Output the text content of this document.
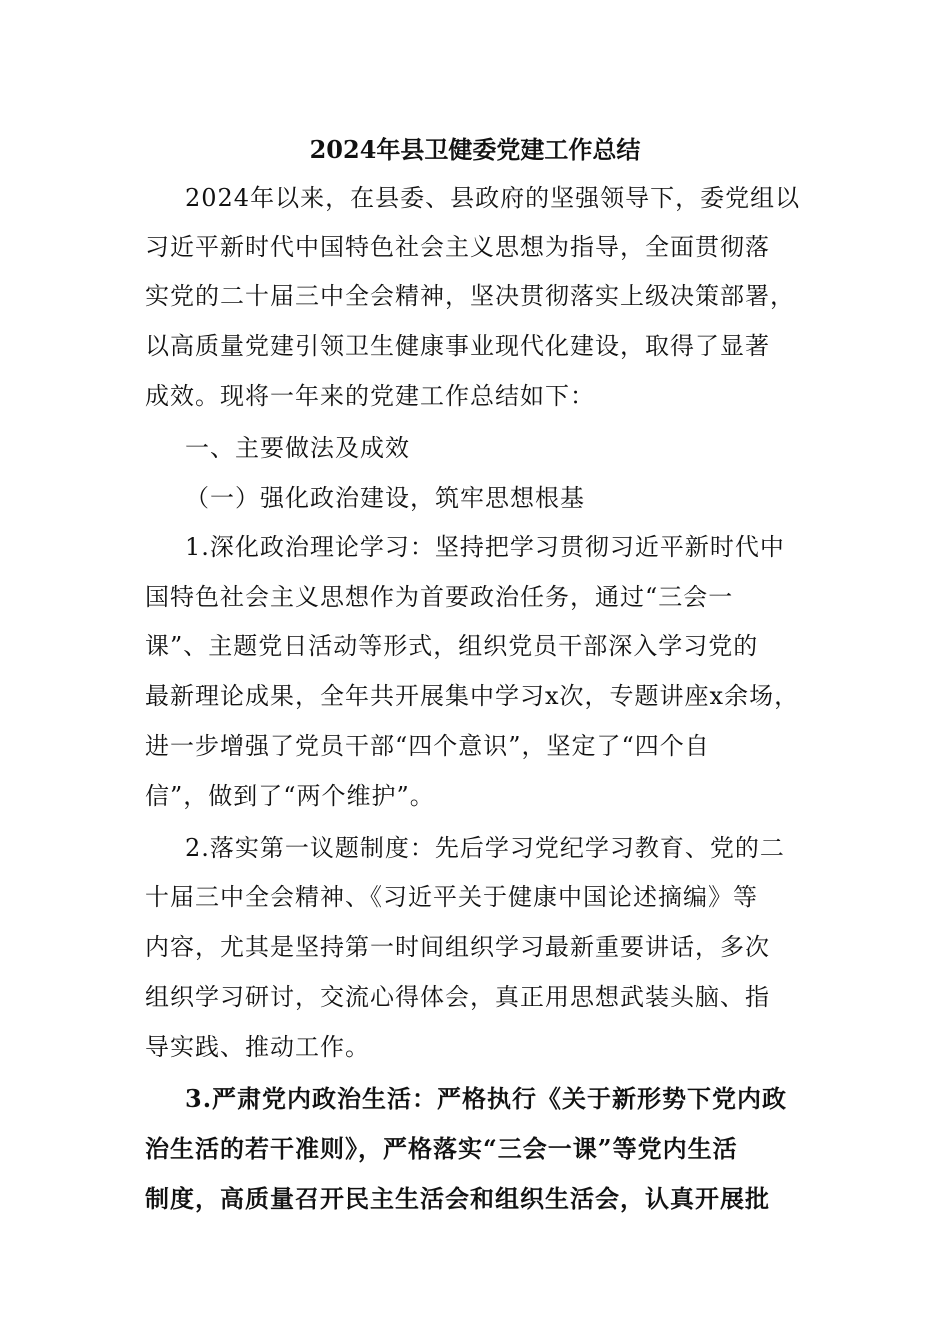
2024年县卫健委党建工作总结
2024年以来，在县委、县政府的坚强领导下，委党组以
习近平新时代中国特色社会主义思想为指导，全面贯彻落
实党的二十届三中全会精神，坚决贯彻落实上级决策部署，
以高质量党建引领卫生健康事业现代化建设，取得了显著
成效。现将一年来的党建工作总结如下：
一、主要做法及成效
（一）强化政治建设，筑牢思想根基
1.深化政治理论学习：坚持把学习贯彻习近平新时代中
国特色社会主义思想作为首要政治任务，通过“三会一
课”、主题党日活动等形式，组织党员干部深入学习党的
最新理论成果，全年共开展集中学习x次，专题讲座x余场，
进一步增强了党员干部“四个意识”，坚定了“四个自
信”，做到了“两个维护”。
2.落实第一议题制度：先后学习党纪学习教育、党的二
十届三中全会精神、《习近平关于健康中国论述摘编》等
内容，尤其是坚持第一时间组织学习最新重要讲话，多次
组织学习研讨，交流心得体会，真正用思想武装头脑、指
导实践、推动工作。
3.严肃党内政治生活：严格执行《关于新形势下党内政
治生活的若干准则》，严格落实“三会一课”等党内生活
制度，高质量召开民主生活会和组织生活会，认真开展批
